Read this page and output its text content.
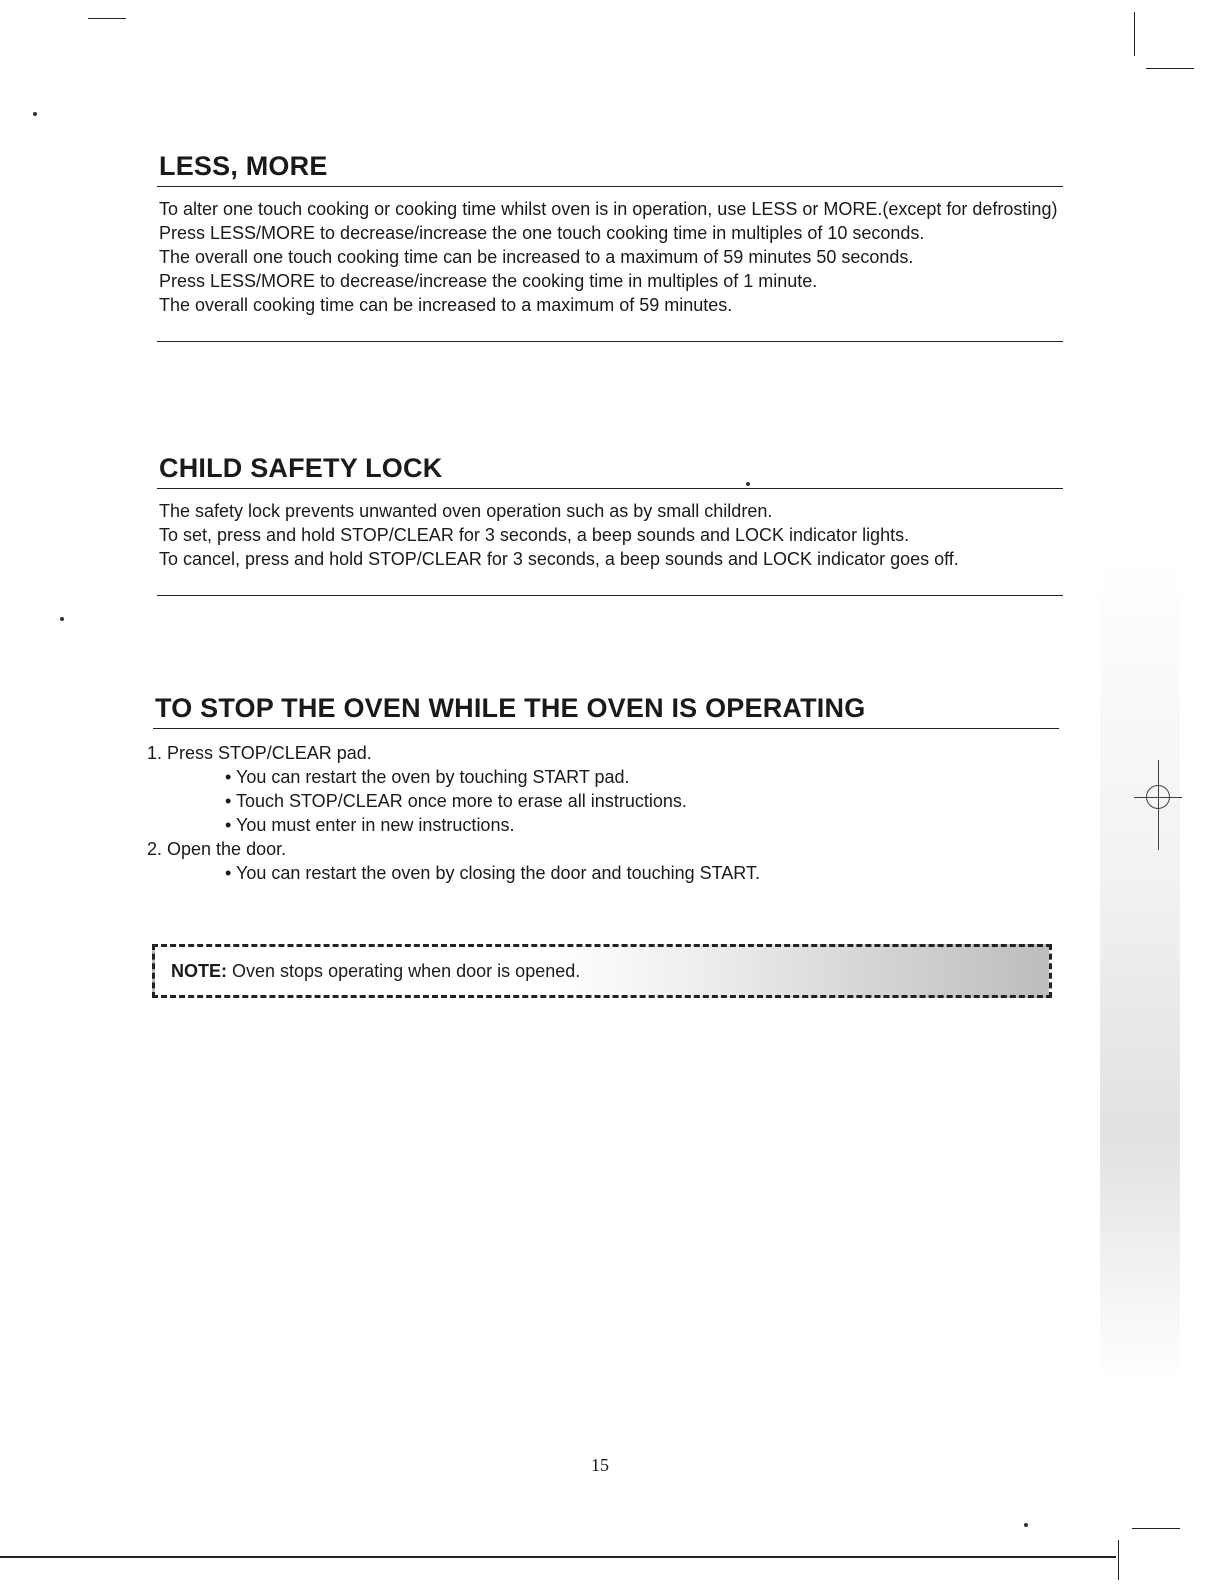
LESS, MORE

To alter one touch cooking or cooking time whilst oven is in operation, use LESS or MORE.(except for defrosting)

Press LESS/MORE to decrease/increase the one touch cooking time in multiples of 10 seconds.

The overall one touch cooking time can be increased to a maximum of 59 minutes 50 seconds.

Press LESS/MORE to decrease/increase the cooking time in multiples of 1 minute.

The overall cooking time can be increased to a maximum of 59 minutes.

CHILD SAFETY LOCK

The safety lock prevents unwanted oven operation such as by small children.

To set, press and hold STOP/CLEAR for 3 seconds, a beep sounds and LOCK indicator lights.

To cancel, press and hold STOP/CLEAR for 3 seconds, a beep sounds and LOCK indicator goes off.

TO STOP THE OVEN WHILE THE OVEN IS OPERATING

1. Press STOP/CLEAR pad.

• You can restart the oven by touching START pad.

• Touch STOP/CLEAR once more to erase all instructions.

• You must enter in new instructions.

2. Open the door.

• You can restart the oven by closing the door and touching START.

NOTE: Oven stops operating when door is opened.
15
